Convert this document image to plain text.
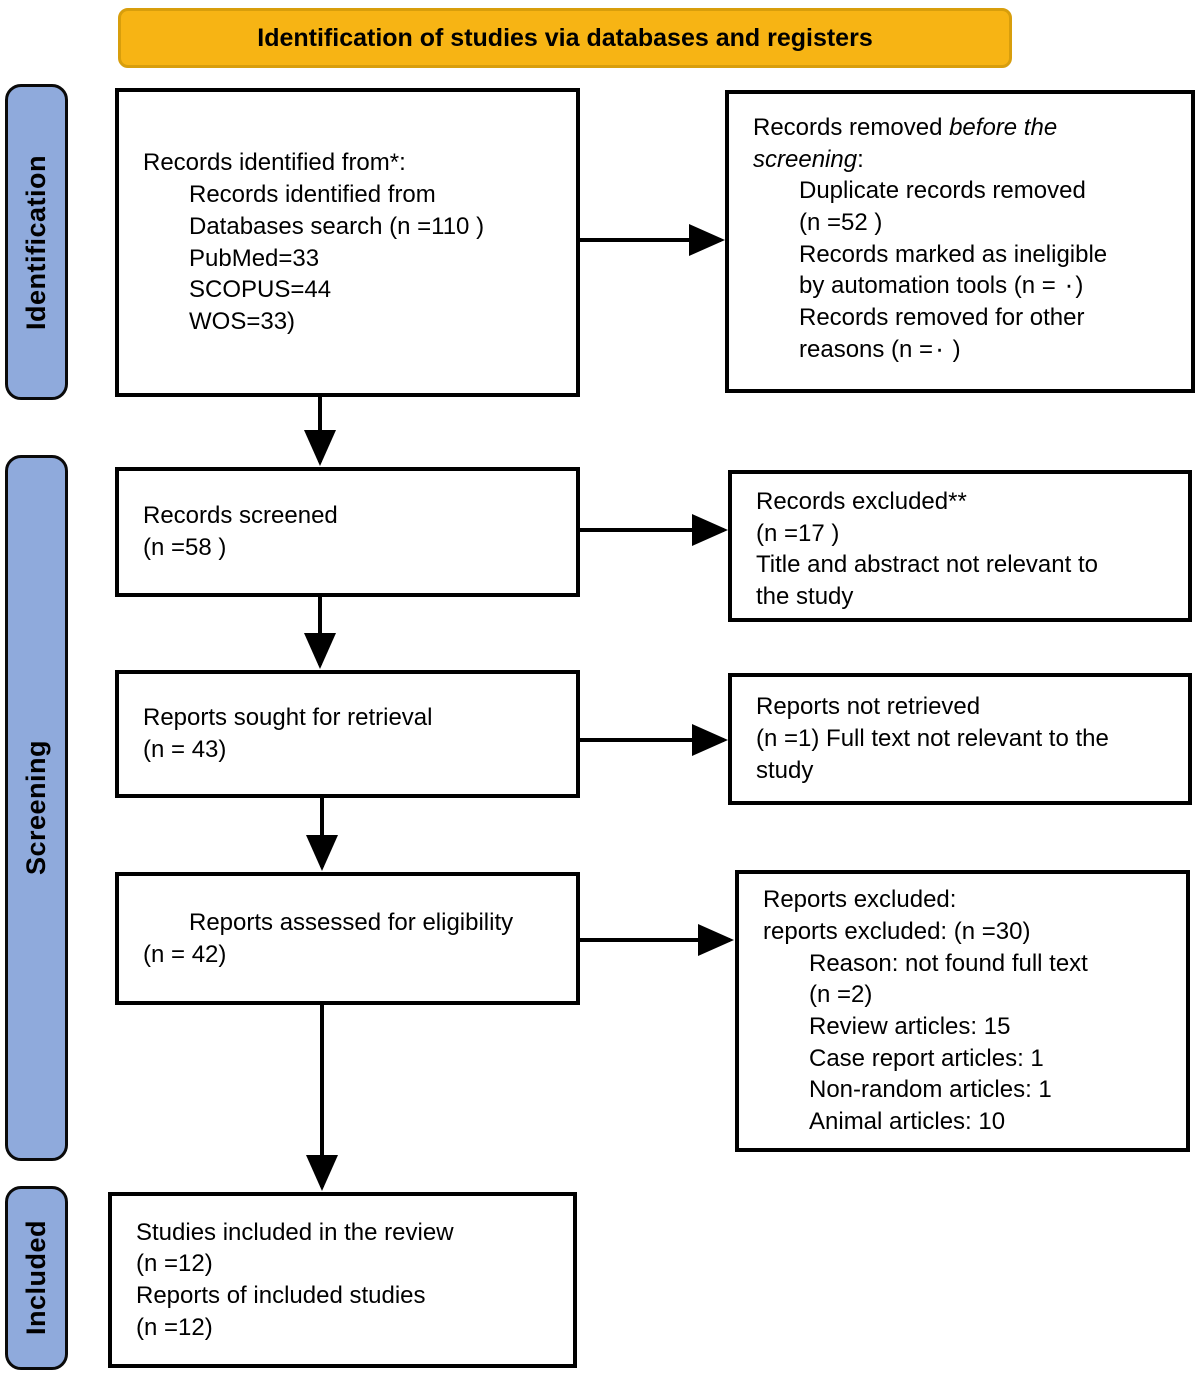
Identification of studies via databases and registers
Identification
Screening
Included
Records identified from*:
Records identified from
Databases search (n =110 )
PubMed=33
SCOPUS=44
WOS=33)
Records removed before the
screening:
Duplicate records removed
(n =52 )
Records marked as ineligible
by automation tools (n = ٠)
Records removed for other
reasons (n =٠ )
Records screened
(n =58 )
Records excluded**
(n =17 )
Title and abstract not relevant to
the study
Reports sought for retrieval
(n = 43)
Reports not retrieved
(n =1) Full text not relevant to the
study
Reports assessed for eligibility
(n = 42)
Reports excluded:
reports excluded: (n =30)
Reason: not found full text
(n =2)
Review articles: 15
Case report articles: 1
Non-random articles: 1
Animal articles: 10
Studies included in the review
(n =12)
Reports of included studies
(n =12)
